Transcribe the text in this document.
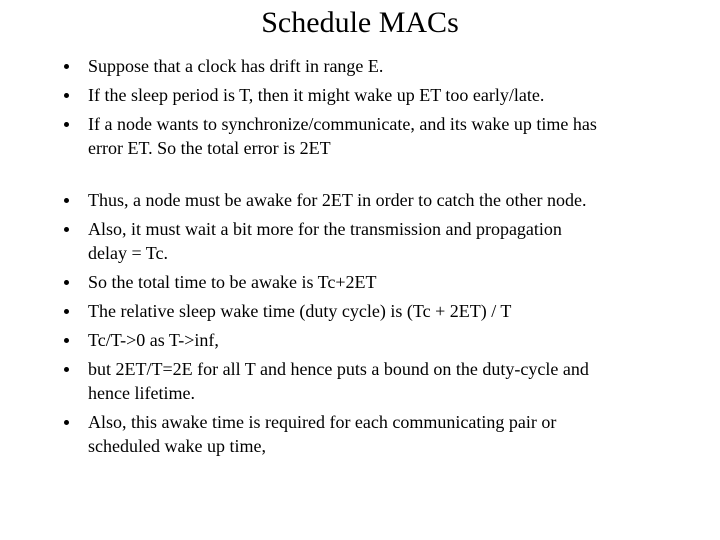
Schedule MACs
Suppose that a clock has drift in range E.
If the sleep period is T, then it might wake up ET too early/late.
If a node wants to synchronize/communicate, and its wake up time has
error ET. So the total error is 2ET
Thus, a node must be awake for 2ET in order to catch the other node.
Also, it must wait a bit more for the transmission and propagation
delay = Tc.
So the total time to be awake is Tc+2ET
The relative sleep wake time (duty cycle) is (Tc + 2ET) / T
Tc/T->0 as T->inf,
but 2ET/T=2E for all T and hence puts a bound on the duty-cycle and
hence lifetime.
Also, this awake time is required for each communicating pair or
scheduled wake up time,
